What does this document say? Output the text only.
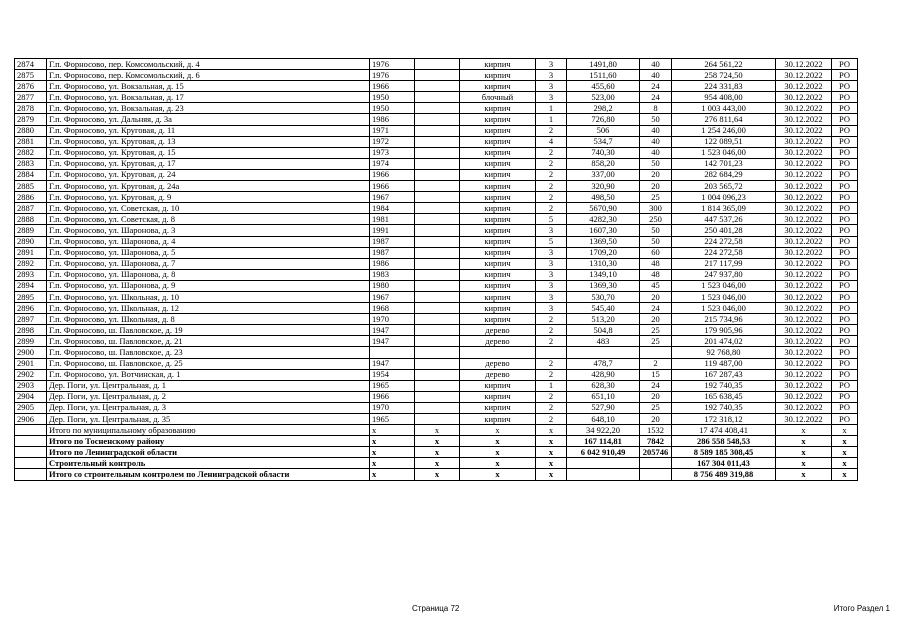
2874	Г.п. Форносово, пер. Комсомольский, д. 4	1976		кирпич	3	1491,80	40	264 561,22	30.12.2022	РО
2875	Г.п. Форносово, пер. Комсомольский, д. 6	1976		кирпич	3	1511,60	40	258 724,50	30.12.2022	РО
2876	Г.п. Форносово, ул. Вокзальная, д. 15	1966		кирпич	3	455,60	24	224 331,83	30.12.2022	РО
2877	Г.п. Форносово, ул. Вокзальная, д. 17	1950		блочный	3	523,00	24	954 408,00	30.12.2022	РО
2878	Г.п. Форносово, ул. Вокзальная, д. 23	1950		кирпич	1	298,2	8	1 003 443,00	30.12.2022	РО
2879	Г.п. Форносово, ул. Дальняя, д. 3а	1986		кирпич	1	726,80	50	276 811,64	30.12.2022	РО
2880	Г.п. Форносово, ул. Круговая, д. 11	1971		кирпич	2	506	40	1 254 246,00	30.12.2022	РО
2881	Г.п. Форносово, ул. Круговая, д. 13	1972		кирпич	4	534,7	40	122 089,51	30.12.2022	РО
2882	Г.п. Форносово, ул. Круговая, д. 15	1973		кирпич	2	740,30	40	1 523 046,00	30.12.2022	РО
2883	Г.п. Форносово, ул. Круговая, д. 17	1974		кирпич	2	858,20	50	142 701,23	30.12.2022	РО
2884	Г.п. Форносово, ул. Круговая, д. 24	1966		кирпич	2	337,00	20	282 684,29	30.12.2022	РО
2885	Г.п. Форносово, ул. Круговая, д. 24а	1966		кирпич	2	320,90	20	203 565,72	30.12.2022	РО
2886	Г.п. Форносово, ул. Круговая, д. 9	1967		кирпич	2	498,50	25	1 004 096,23	30.12.2022	РО
2887	Г.п. Форносово, ул. Советская, д. 10	1984		кирпич	2	5670,90	300	1 814 365,09	30.12.2022	РО
2888	Г.п. Форносово, ул. Советская, д. 8	1981		кирпич	5	4282,30	250	447 537,26	30.12.2022	РО
2889	Г.п. Форносово, ул. Шаронова, д. 3	1991		кирпич	3	1607,30	50	250 401,28	30.12.2022	РО
2890	Г.п. Форносово, ул. Шаронова, д. 4	1987		кирпич	5	1369,50	50	224 272,58	30.12.2022	РО
2891	Г.п. Форносово, ул. Шаронова, д. 5	1987		кирпич	3	1709,20	60	224 272,58	30.12.2022	РО
2892	Г.п. Форносово, ул. Шаронова, д. 7	1986		кирпич	3	1310,30	48	217 117,99	30.12.2022	РО
2893	Г.п. Форносово, ул. Шаронова, д. 8	1983		кирпич	3	1349,10	48	247 937,80	30.12.2022	РО
2894	Г.п. Форносово, ул. Шаронова, д. 9	1980		кирпич	3	1369,30	45	1 523 046,00	30.12.2022	РО
2895	Г.п. Форносово, ул. Школьная, д. 10	1967		кирпич	3	530,70	20	1 523 046,00	30.12.2022	РО
2896	Г.п. Форносово, ул. Школьная, д. 12	1968		кирпич	3	545,40	24	1 523 046,00	30.12.2022	РО
2897	Г.п. Форносово, ул. Школьная, д. 8	1970		кирпич	2	513,20	20	215 734,96	30.12.2022	РО
2898	Г.п. Форносово, ш. Павловское, д. 19	1947		дерево	2	504,8	25	179 905,96	30.12.2022	РО
2899	Г.п. Форносово, ш. Павловское, д. 21	1947		дерево	2	483	25	201 474,02	30.12.2022	РО
2900	Г.п. Форносово, ш. Павловское, д. 23							92 768,80	30.12.2022	РО
2901	Г.п. Форносово, ш. Павловское, д. 25	1947		дерево	2	478,7	2	119 487,00	30.12.2022	РО
2902	Г.п. Форносово, ул. Вотчинская, д. 1	1954		дерево	2	428,90	15	167 287,43	30.12.2022	РО
2903	Дер. Поги, ул. Центральная, д. 1	1965		кирпич	1	628,30	24	192 740,35	30.12.2022	РО
2904	Дер. Поги, ул. Центральная, д. 2	1966		кирпич	2	651,10	20	165 638,45	30.12.2022	РО
2905	Дер. Поги, ул. Центральная, д. 3	1970		кирпич	2	527,90	25	192 740,35	30.12.2022	РО
2906	Дер. Поги, ул. Центральная, д. 35	1965		кирпич	2	648,10	20	172 318,12	30.12.2022	РО
	Итого по муниципальному образованию	x	x	x	x	34 922,20	1532	17 474 408,41	x	x
	Итого по Тосненскому району	x	x	x	x	167 114,81	7842	286 558 548,53	x	x
	Итого по Ленинградской области	x	x	x	x	6 042 910,49	205746	8 589 185 308,45	x	x
	Строительный контроль	x	x	x	x			167 304 011,43	x	x
	Итого со строительным контролем по Ленинградской области	x	x	x	x			8 756 489 319,88	x	x
Страница 72	Итого Раздел 1
